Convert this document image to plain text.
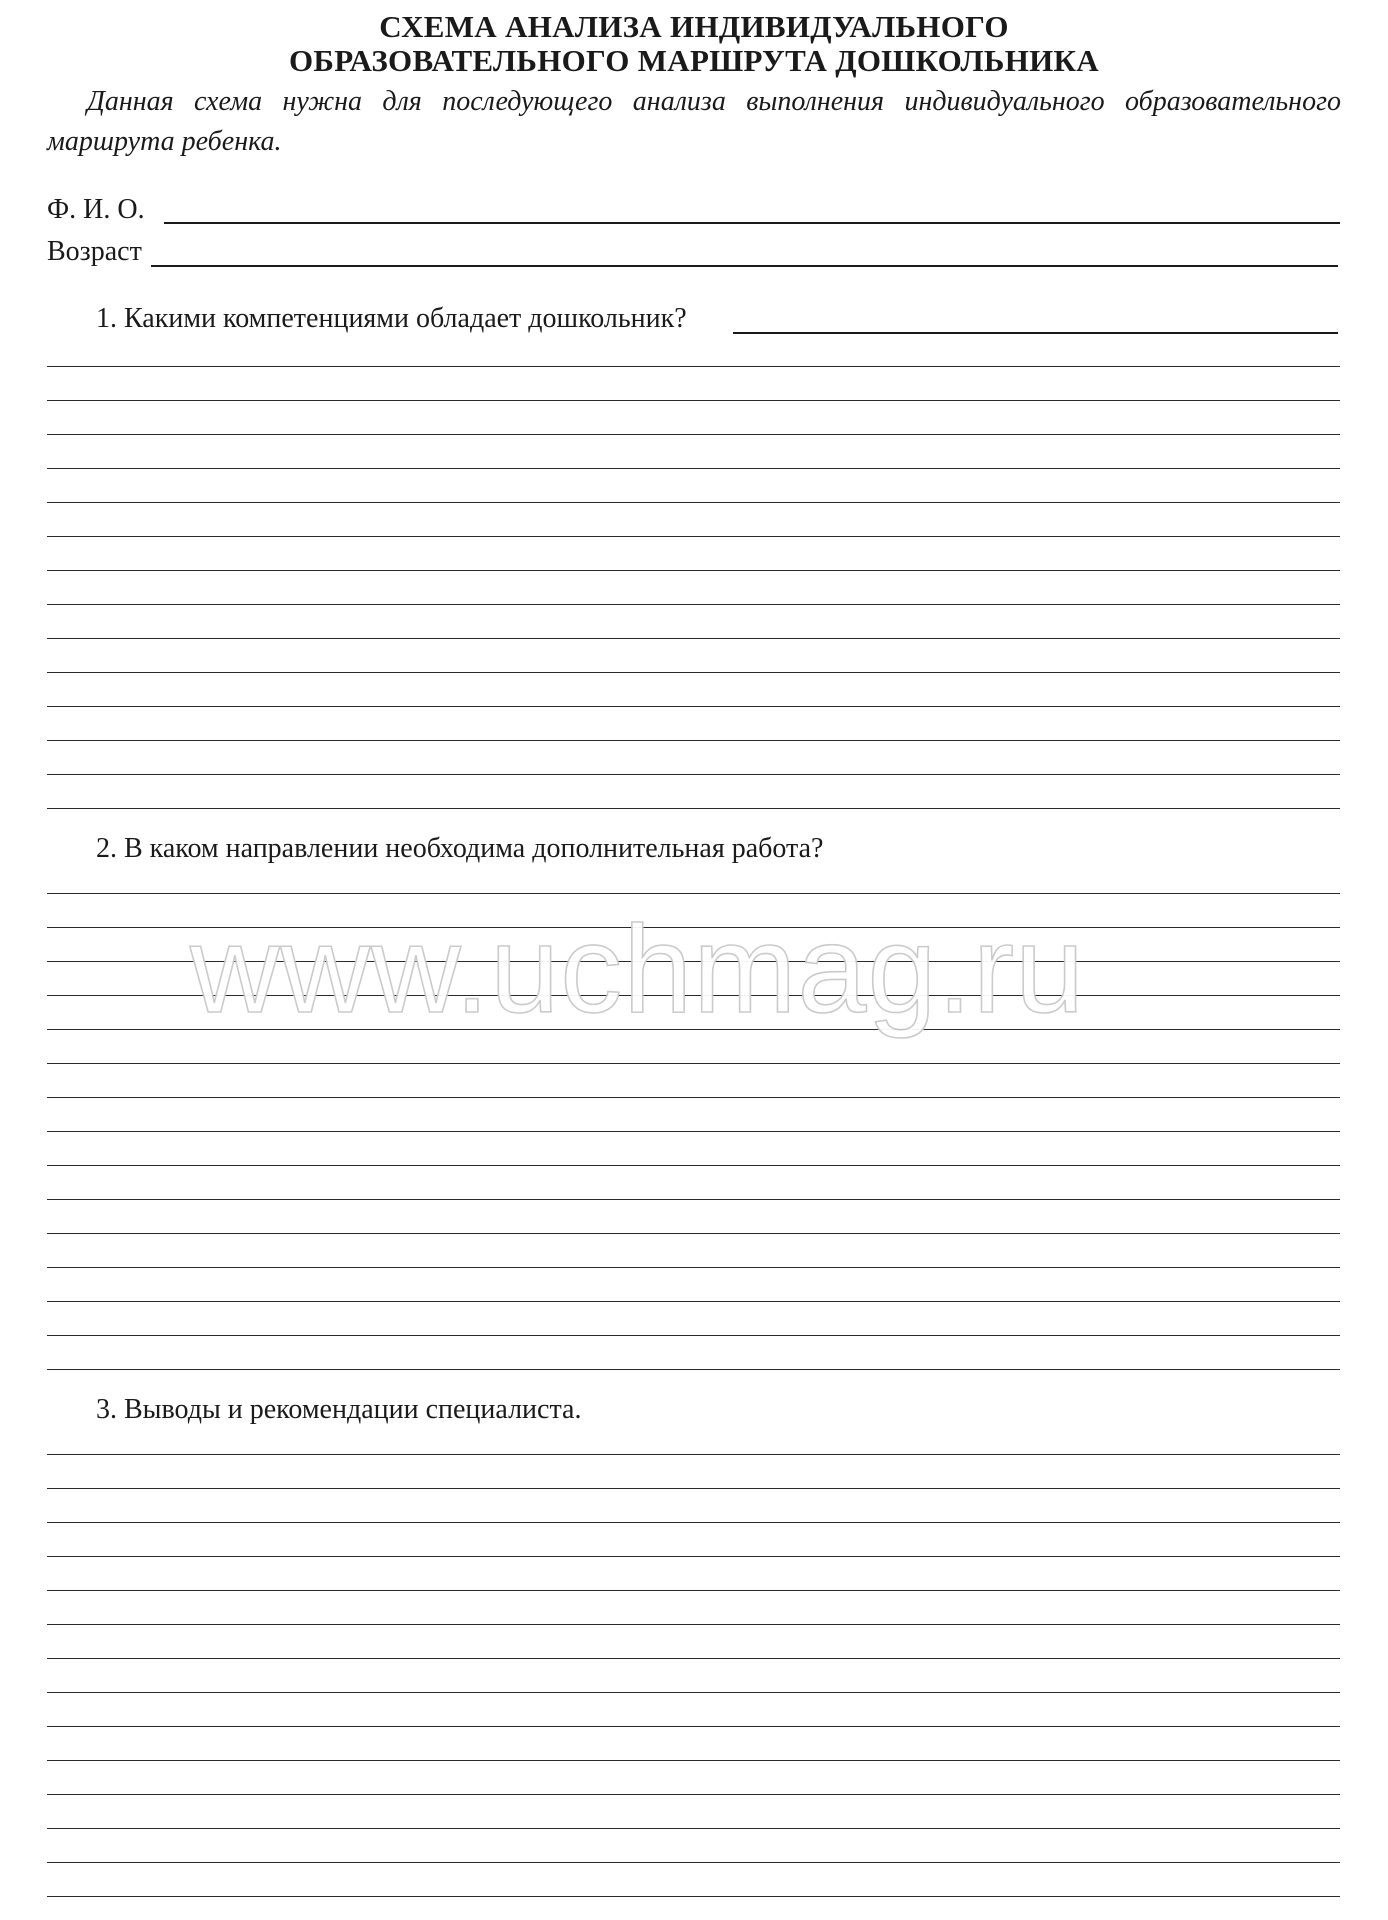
СХЕМА АНАЛИЗА ИНДИВИДУАЛЬНОГО
ОБРАЗОВАТЕЛЬНОГО МАРШРУТА ДОШКОЛЬНИКА

Данная схема нужна для последующего анализа выполнения индивидуального образовательного маршрута ребенка.

Ф. И. О.
Возраст
1. Какими компетенциями обладает дошкольник?
2. В каком направлении необходима дополнительная работа?
3. Выводы и рекомендации специалиста.
www.uchmag.ru
